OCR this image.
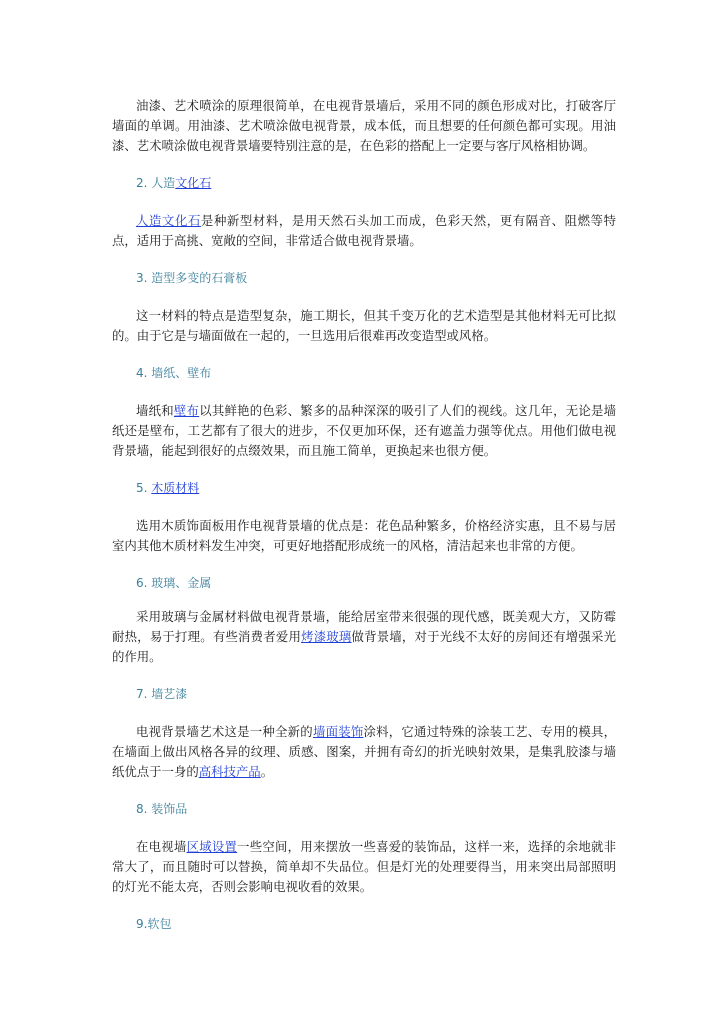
油漆、艺术喷涂的原理很简单，在电视背景墙后，采用不同的颜色形成对比，打破客厅墙面的单调。用油漆、艺术喷涂做电视背景，成本低，而且想要的任何颜色都可实现。用油漆、艺术喷涂做电视背景墙要特别注意的是，在色彩的搭配上一定要与客厅风格相协调。

2. 人造文化石

人造文化石是种新型材料，是用天然石头加工而成，色彩天然，更有隔音、阻燃等特点，适用于高挑、宽敞的空间，非常适合做电视背景墙。

3. 造型多变的石膏板

这一材料的特点是造型复杂，施工期长，但其千变万化的艺术造型是其他材料无可比拟的。由于它是与墙面做在一起的，一旦选用后很难再改变造型或风格。

4. 墙纸、壁布

墙纸和壁布以其鲜艳的色彩、繁多的品种深深的吸引了人们的视线。这几年，无论是墙纸还是壁布，工艺都有了很大的进步，不仅更加环保，还有遮盖力强等优点。用他们做电视背景墙，能起到很好的点缀效果，而且施工简单，更换起来也很方便。

5. 木质材料

选用木质饰面板用作电视背景墙的优点是：花色品种繁多，价格经济实惠，且不易与居室内其他木质材料发生冲突，可更好地搭配形成统一的风格，清洁起来也非常的方便。

6. 玻璃、金属

采用玻璃与金属材料做电视背景墙，能给居室带来很强的现代感，既美观大方，又防霉耐热，易于打理。有些消费者爱用烤漆玻璃做背景墙，对于光线不太好的房间还有增强采光的作用。

7. 墙艺漆

电视背景墙艺术这是一种全新的墙面装饰涂料，它通过特殊的涂装工艺、专用的模具，在墙面上做出风格各异的纹理、质感、图案，并拥有奇幻的折光映射效果，是集乳胶漆与墙纸优点于一身的高科技产品。

8. 装饰品

在电视墙区域设置一些空间，用来摆放一些喜爱的装饰品，这样一来，选择的余地就非常大了，而且随时可以替换，简单却不失品位。但是灯光的处理要得当，用来突出局部照明的灯光不能太亮，否则会影响电视收看的效果。

9.软包
